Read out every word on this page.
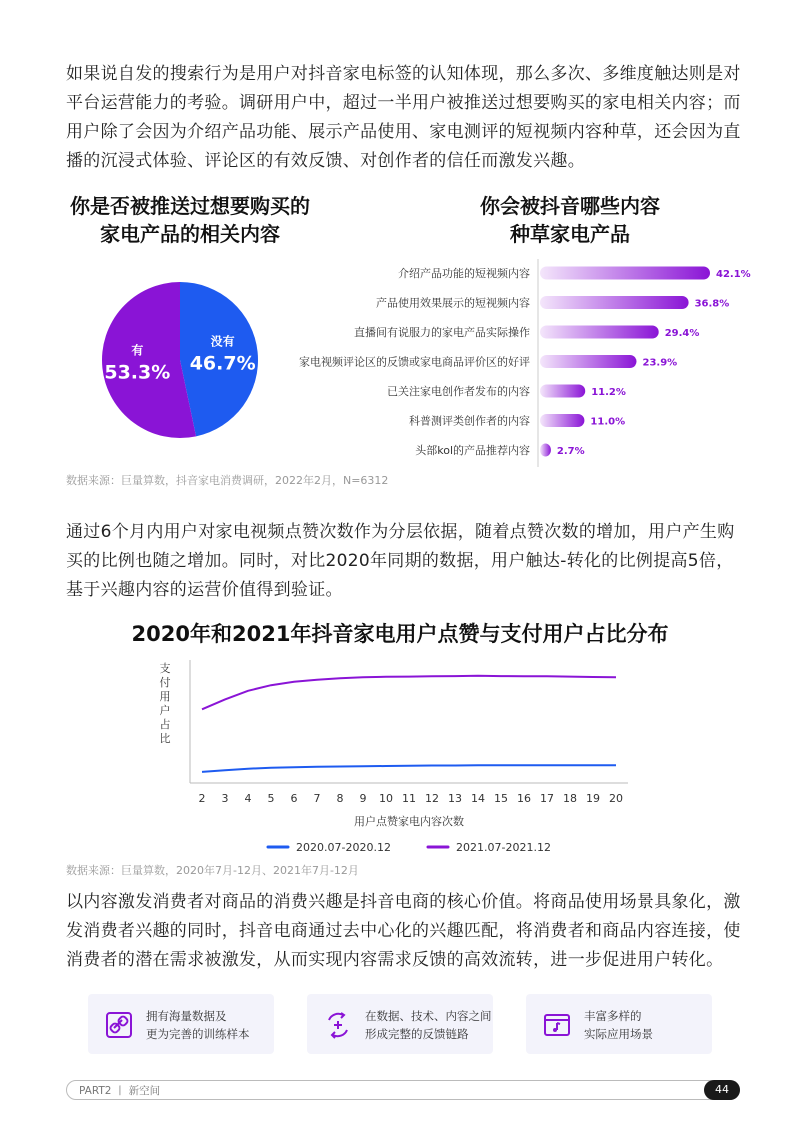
如果说自发的搜索行为是用户对抖音家电标签的认知体现，那么多次、多维度触达则是对平台运营能力的考验。调研用户中，超过一半用户被推送过想要购买的家电相关内容；而用户除了会因为介绍产品功能、展示产品使用、家电测评的短视频内容种草，还会因为直播的沉浸式体验、评论区的有效反馈、对创作者的信任而激发兴趣。
你是否被推送过想要购买的
家电产品的相关内容
没有
46.7%
有
53.3%
你会被抖音哪些内容
种草家电产品
介绍产品功能的短视频内容	42.1%
产品使用效果展示的短视频内容	36.8%
直播间有说服力的家电产品实际操作	29.4%
家电视频评论区的反馈或家电商品评价区的好评	23.9%
已关注家电创作者发布的内容	11.2%
科普测评类创作者的内容	11.0%
头部kol的产品推荐内容	2.7%
数据来源：巨量算数，抖音家电消费调研，2022年2月，N=6312
通过6个月内用户对家电视频点赞次数作为分层依据，随着点赞次数的增加，用户产生购买的比例也随之增加。同时，对比2020年同期的数据，用户触达-转化的比例提高5倍，基于兴趣内容的运营价值得到验证。
2020年和2021年抖音家电用户点赞与支付用户占比分布
支
付
用
户
占
比
2 3 4 5 6 7 8 9 10 11 12 13 14 15 16 17 18 19 20
用户点赞家电内容次数
2020.07-2020.12	2021.07-2021.12
数据来源：巨量算数，2020年7月-12月、2021年7月-12月
以内容激发消费者对商品的消费兴趣是抖音电商的核心价值。将商品使用场景具象化，激发消费者兴趣的同时，抖音电商通过去中心化的兴趣匹配，将消费者和商品内容连接，使消费者的潜在需求被激发，从而实现内容需求反馈的高效流转，进一步促进用户转化。
拥有海量数据及
更为完善的训练样本
在数据、技术、内容之间
形成完整的反馈链路
丰富多样的
实际应用场景
PART2 丨 新空间	44
